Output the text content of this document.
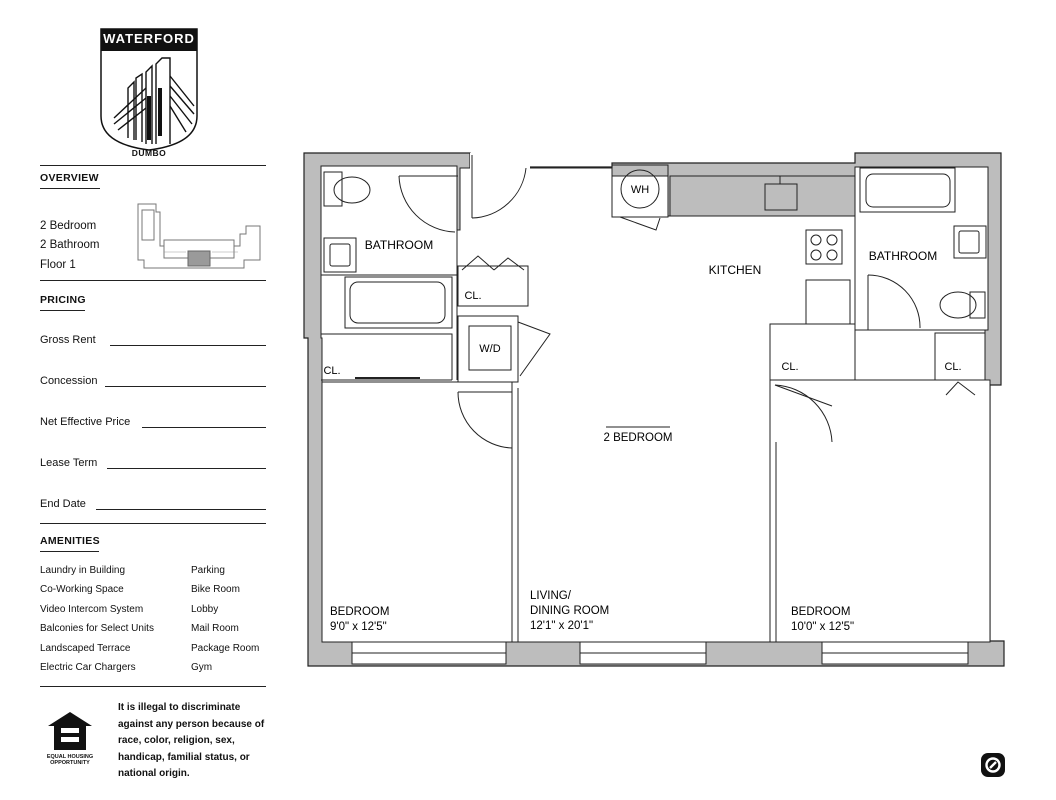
WATERFORD
DUMBO
OVERVIEW
2 Bedroom
2 Bathroom
Floor 1
PRICING
Gross Rent
Concession
Net Effective Price
Lease Term
End Date
AMENITIES
Laundry in Building
Co-Working Space
Video Intercom System
Balconies for Select Units
Landscaped Terrace
Electric Car Chargers
Parking
Bike Room
Lobby
Mail Room
Package Room
Gym
EQUAL HOUSING
OPPORTUNITY
It is illegal to discriminate against any person because of race, color, religion, sex, handicap, familial status, or national origin.
WH
BATHROOM
KITCHEN
BATHROOM
CL.
W/D
CL.	CL.	CL.
2 BEDROOM
BEDROOM
9'0" x 12'5"
LIVING/
DINING ROOM
12'1" x 20'1"
BEDROOM
10'0" x 12'5"
